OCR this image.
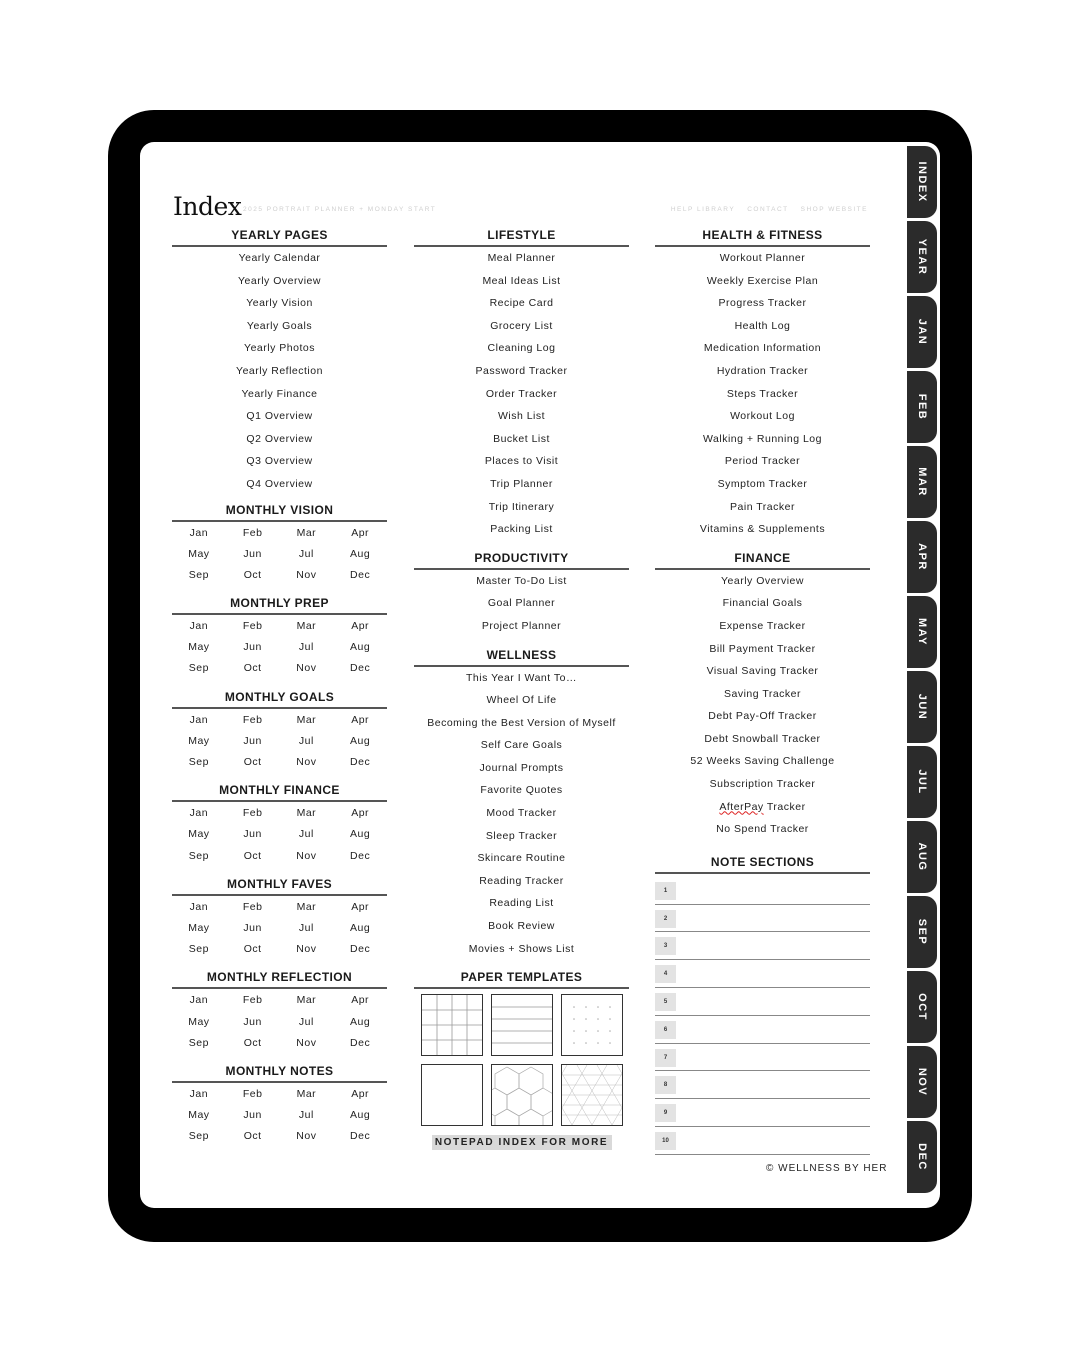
Index 2025 PORTRAIT PLANNER + MONDAY START	HELP LIBRARY CONTACT SHOP WEBSITE
YEARLY PAGES
Yearly Calendar
Yearly Overview
Yearly Vision
Yearly Goals
Yearly Photos
Yearly Reflection
Yearly Finance
Q1 Overview
Q2 Overview
Q3 Overview
Q4 Overview
MONTHLY VISION
Jan	Feb	Mar	Apr
May	Jun	Jul	Aug
Sep	Oct	Nov	Dec
MONTHLY PREP
Jan	Feb	Mar	Apr
May	Jun	Jul	Aug
Sep	Oct	Nov	Dec
MONTHLY GOALS
Jan	Feb	Mar	Apr
May	Jun	Jul	Aug
Sep	Oct	Nov	Dec
MONTHLY FINANCE
Jan	Feb	Mar	Apr
May	Jun	Jul	Aug
Sep	Oct	Nov	Dec
MONTHLY FAVES
Jan	Feb	Mar	Apr
May	Jun	Jul	Aug
Sep	Oct	Nov	Dec
MONTHLY REFLECTION
Jan	Feb	Mar	Apr
May	Jun	Jul	Aug
Sep	Oct	Nov	Dec
MONTHLY NOTES
Jan	Feb	Mar	Apr
May	Jun	Jul	Aug
Sep	Oct	Nov	Dec
LIFESTYLE
Meal Planner
Meal Ideas List
Recipe Card
Grocery List
Cleaning Log
Password Tracker
Order Tracker
Wish List
Bucket List
Places to Visit
Trip Planner
Trip Itinerary
Packing List
PRODUCTIVITY
Master To-Do List
Goal Planner
Project Planner
WELLNESS
This Year I Want To…
Wheel Of Life
Becoming the Best Version of Myself
Self Care Goals
Journal Prompts
Favorite Quotes
Mood Tracker
Sleep Tracker
Skincare Routine
Reading Tracker
Reading List
Book Review
Movies + Shows List
PAPER TEMPLATES
NOTEPAD INDEX FOR MORE
HEALTH & FITNESS
Workout Planner
Weekly Exercise Plan
Progress Tracker
Health Log
Medication Information
Hydration Tracker
Steps Tracker
Workout Log
Walking + Running Log
Period Tracker
Symptom Tracker
Pain Tracker
Vitamins & Supplements
FINANCE
Yearly Overview
Financial Goals
Expense Tracker
Bill Payment Tracker
Visual Saving Tracker
Saving Tracker
Debt Pay-Off Tracker
Debt Snowball Tracker
52 Weeks Saving Challenge
Subscription Tracker
AfterPay Tracker
No Spend Tracker
NOTE SECTIONS
1
2
3
4
5
6
7
8
9
10
© WELLNESS BY HER
INDEX
YEAR
JAN
FEB
MAR
APR
MAY
JUN
JUL
AUG
SEP
OCT
NOV
DEC
